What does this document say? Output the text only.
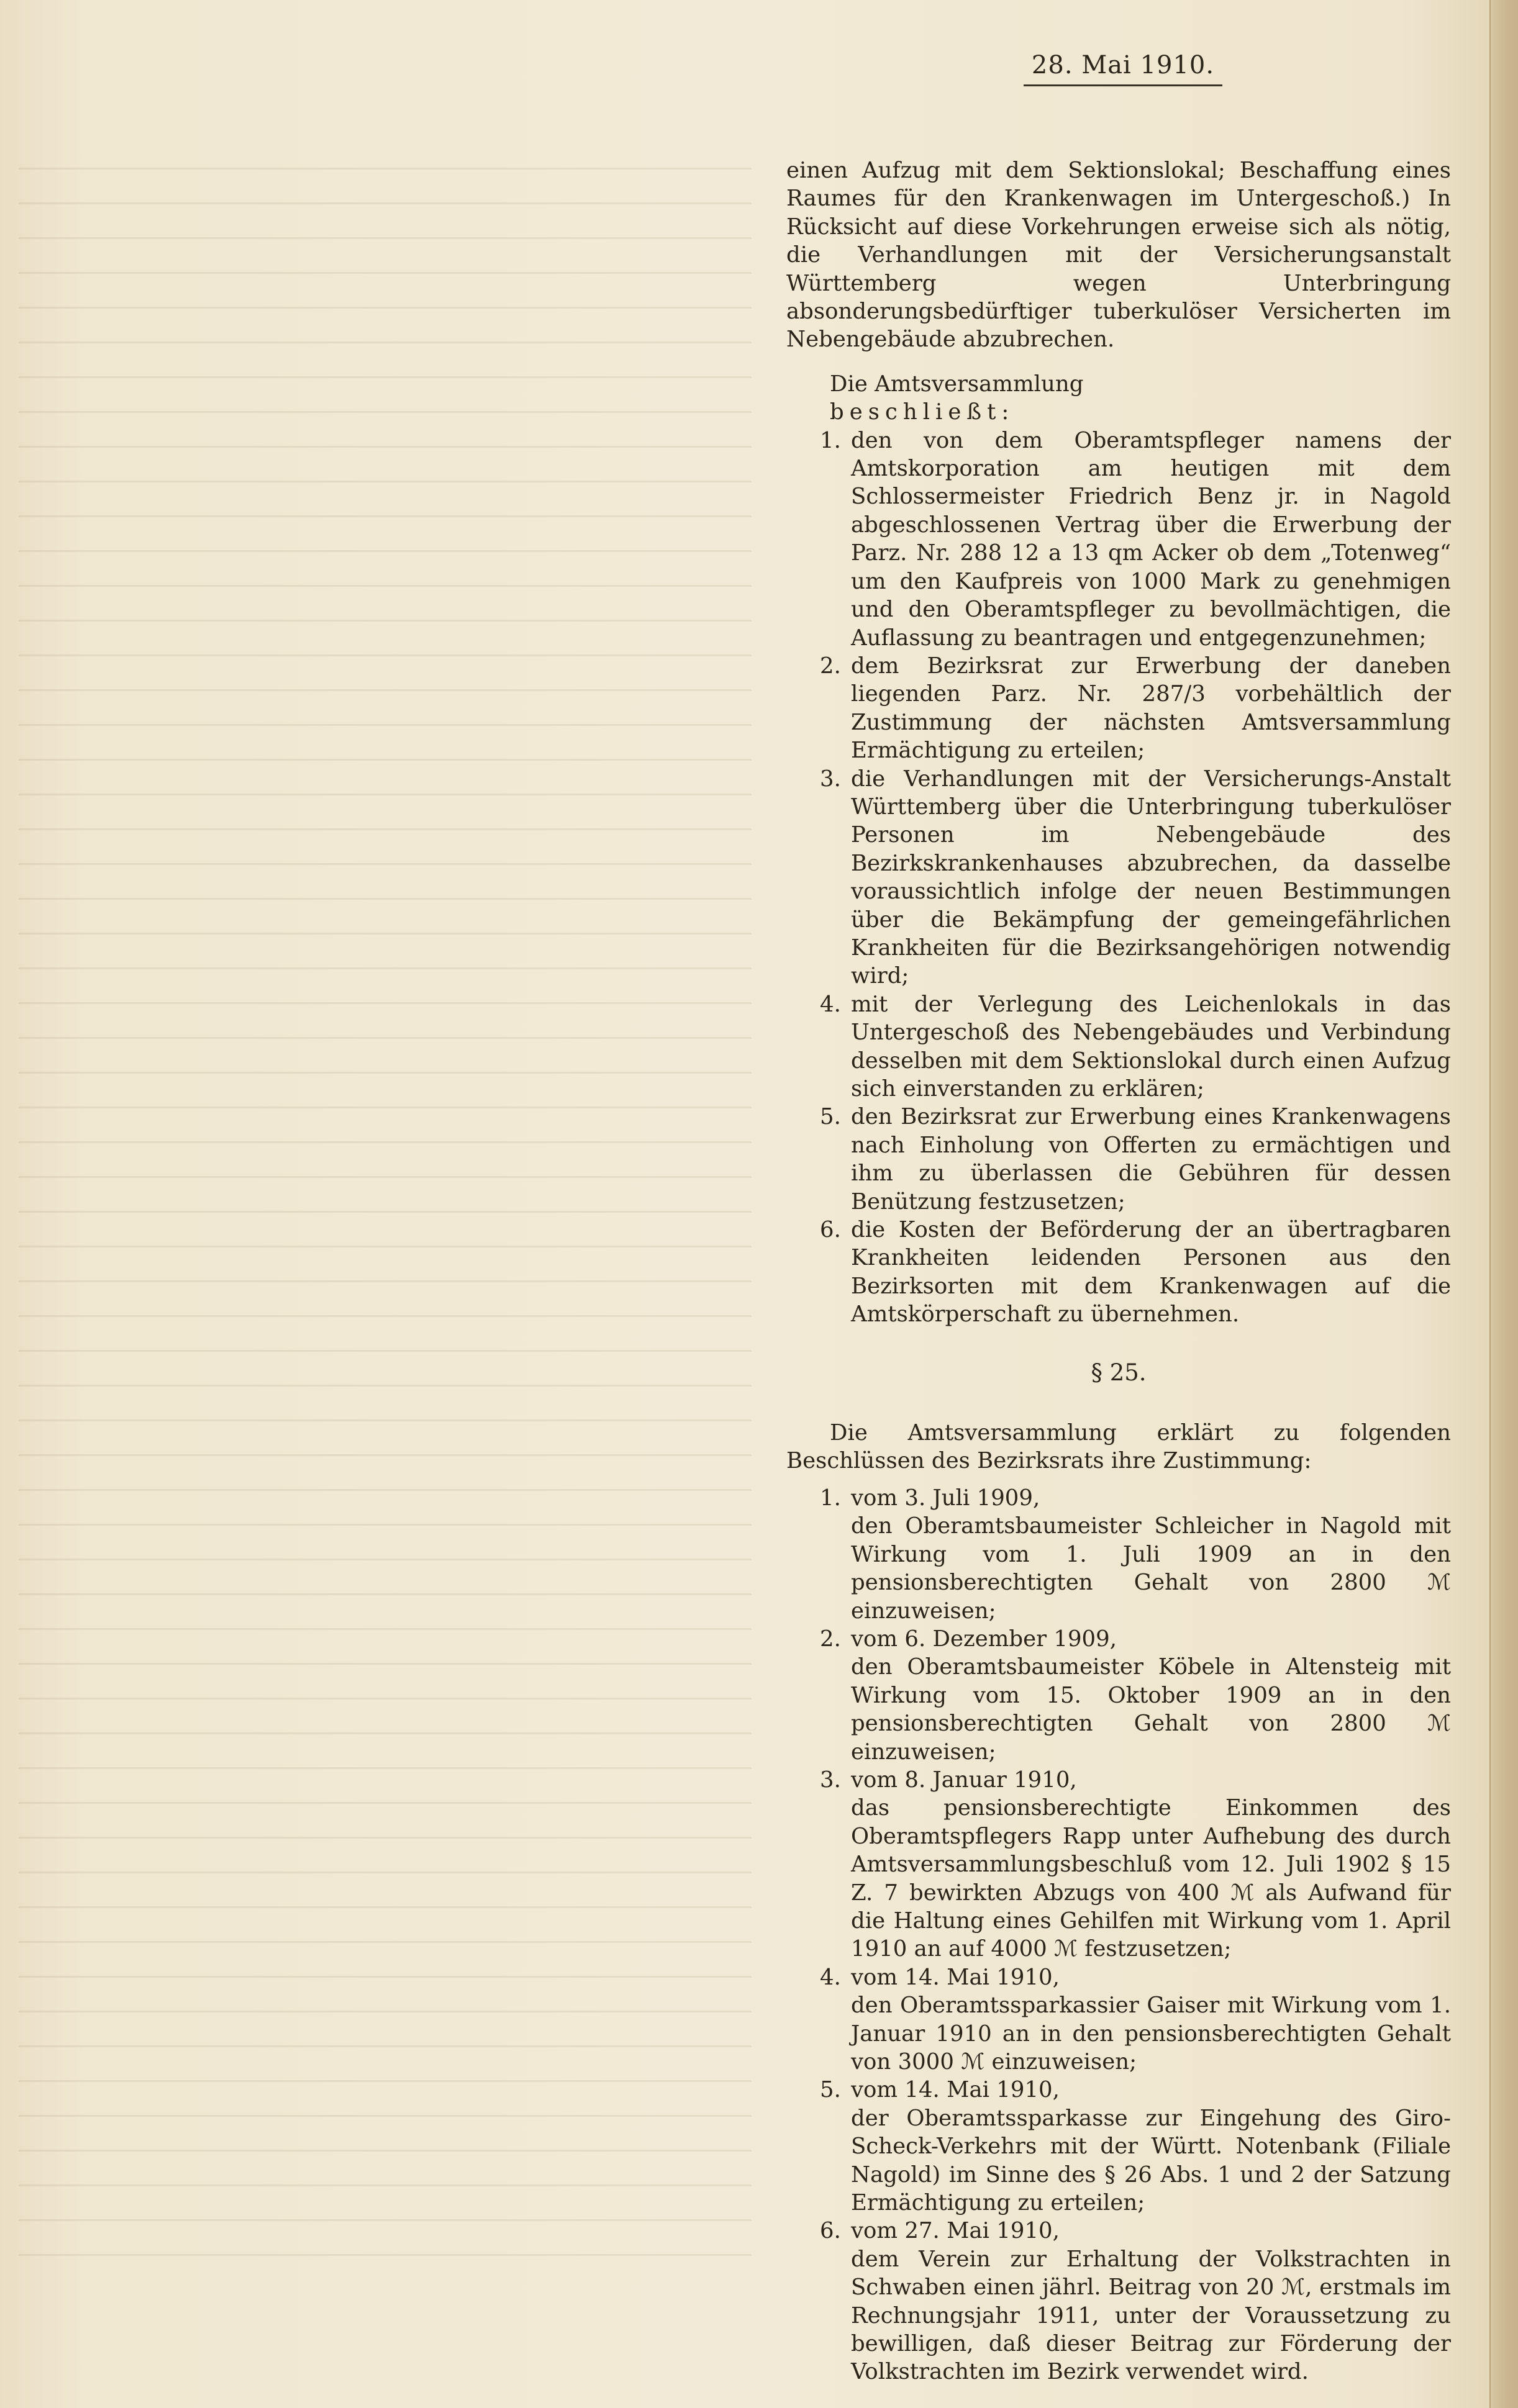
28. Mai 1910.

einen Aufzug mit dem Sektionslokal; Beschaffung eines Raumes für den Krankenwagen im Untergeschoß.) In Rücksicht auf diese Vorkehrungen erweise sich als nötig, die Verhandlungen mit der Versicherungsanstalt Württemberg wegen Unterbringung absonderungsbedürftiger tuberkulöser Versicherten im Nebengebäude abzubrechen.

Die Amtsversammlung

beschließt:

1. den von dem Oberamtspfleger namens der Amtskorporation am heutigen mit dem Schlossermeister Friedrich Benz jr. in Nagold abgeschlossenen Vertrag über die Erwerbung der Parz. Nr. 288 12 a 13 qm Acker ob dem „Totenweg“ um den Kaufpreis von 1000 Mark zu genehmigen und den Oberamtspfleger zu bevollmächtigen, die Auflassung zu beantragen und entgegenzunehmen;
2. dem Bezirksrat zur Erwerbung der daneben liegenden Parz. Nr. 287/3 vorbehältlich der Zustimmung der nächsten Amtsversammlung Ermächtigung zu erteilen;
3. die Verhandlungen mit der Versicherungs-Anstalt Württemberg über die Unterbringung tuberkulöser Personen im Nebengebäude des Bezirkskrankenhauses abzubrechen, da dasselbe voraussichtlich infolge der neuen Bestimmungen über die Bekämpfung der gemeingefährlichen Krankheiten für die Bezirksangehörigen notwendig wird;
4. mit der Verlegung des Leichenlokals in das Untergeschoß des Nebengebäudes und Verbindung desselben mit dem Sektionslokal durch einen Aufzug sich einverstanden zu erklären;
5. den Bezirksrat zur Erwerbung eines Krankenwagens nach Einholung von Offerten zu ermächtigen und ihm zu überlassen die Gebühren für dessen Benützung festzusetzen;
6. die Kosten der Beförderung der an übertragbaren Krankheiten leidenden Personen aus den Bezirksorten mit dem Krankenwagen auf die Amtskörperschaft zu übernehmen.

§ 25.

Die Amtsversammlung erklärt zu folgenden Beschlüssen des Bezirksrats ihre Zustimmung:

1. vom 3. Juli 1909,
den Oberamtsbaumeister Schleicher in Nagold mit Wirkung vom 1. Juli 1909 an in den pensionsberechtigten Gehalt von 2800 ℳ einzuweisen;
2. vom 6. Dezember 1909,
den Oberamtsbaumeister Köbele in Altensteig mit Wirkung vom 15. Oktober 1909 an in den pensionsberechtigten Gehalt von 2800 ℳ einzuweisen;
3. vom 8. Januar 1910,
das pensionsberechtigte Einkommen des Oberamtspflegers Rapp unter Aufhebung des durch Amtsversammlungsbeschluß vom 12. Juli 1902 § 15 Z. 7 bewirkten Abzugs von 400 ℳ als Aufwand für die Haltung eines Gehilfen mit Wirkung vom 1. April 1910 an auf 4000 ℳ festzusetzen;
4. vom 14. Mai 1910,
den Oberamtssparkassier Gaiser mit Wirkung vom 1. Januar 1910 an in den pensionsberechtigten Gehalt von 3000 ℳ einzuweisen;
5. vom 14. Mai 1910,
der Oberamtssparkasse zur Eingehung des Giro-Scheck-Verkehrs mit der Württ. Notenbank (Filiale Nagold) im Sinne des § 26 Abs. 1 und 2 der Satzung Ermächtigung zu erteilen;
6. vom 27. Mai 1910,
dem Verein zur Erhaltung der Volkstrachten in Schwaben einen jährl. Beitrag von 20 ℳ, erstmals im Rechnungsjahr 1911, unter der Voraussetzung zu bewilligen, daß dieser Beitrag zur Förderung der Volkstrachten im Bezirk verwendet wird.
